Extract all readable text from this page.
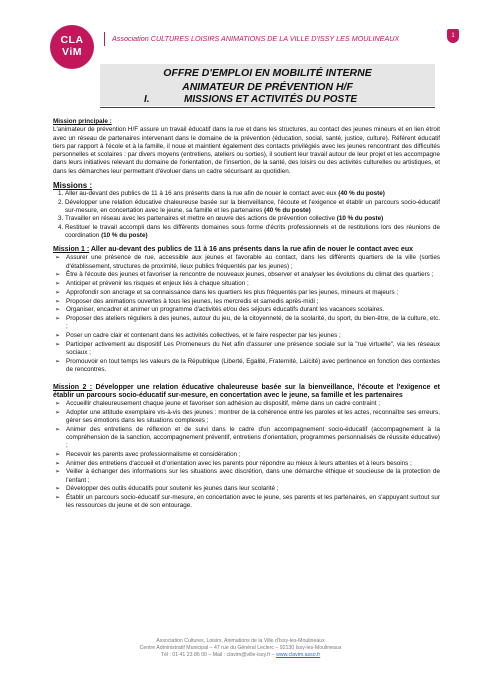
CLA
ViM
Association CULTURES LOISIRS ANIMATIONS DE LA VILLE D'ISSY LES MOULINEAUX	1
OFFRE D'EMPLOI EN MOBILITÉ INTERNE
ANIMATEUR DE PRÉVENTION H/F
I.	MISSIONS ET ACTIVITÉS DU POSTE

Mission principale :

L'animateur de prévention H/F assure un travail éducatif dans la rue et dans les structures, au contact des jeunes mineurs et en lien étroit avec un réseau de partenaires intervenant dans le domaine de la prévention (éducation, social, santé, justice, culture). Référent éducatif tiers par rapport à l'école et à la famille, il noue et maintient également des contacts privilégiés avec les jeunes rencontrant des difficultés personnelles et scolaires : par divers moyens (entretiens, ateliers ou sorties), il soutient leur travail autour de leur projet et les accompagne dans leurs initiatives relevant du domaine de l'orientation, de l'insertion, de la santé, des loisirs ou des activités culturelles ou artistiques, et dans les démarches leur permettant d'évoluer dans un cadre sécurisant au quotidien.

Missions :

1. Aller au-devant des publics de 11 à 16 ans présents dans la rue afin de nouer le contact avec eux (40 % du poste)
2. Développer une relation éducative chaleureuse basée sur la bienveillance, l'écoute et l'exigence et établir un parcours socio-éducatif sur-mesure, en concertation avec le jeune, sa famille et les partenaires (40 % du poste)
3. Travailler en réseau avec les partenaires et mettre en œuvre des actions de prévention collective (10 % du poste)
4. Restituer le travail accompli dans les différents domaines sous forme d'écrits professionnels et de restitutions lors des réunions de coordination (10 % du poste)

Mission 1 : Aller au-devant des publics de 11 à 16 ans présents dans la rue afin de nouer le contact avec eux

➢ Assurer une présence de rue, accessible aux jeunes et favorable au contact, dans les différents quartiers de la ville (sorties d'établissement, structures de proximité, lieux publics fréquentés par les jeunes) ;
➢ Être à l'écoute des jeunes et favoriser la rencontre de nouveaux jeunes, observer et analyser les évolutions du climat des quartiers ;
➢ Anticiper et prévenir les risques et enjeux liés à chaque situation ;
➢ Approfondir son ancrage et sa connaissance dans les quartiers les plus fréquentés par les jeunes, mineurs et majeurs ;
➢ Proposer des animations ouvertes à tous les jeunes, les mercredis et samedis après-midi ;
➢ Organiser, encadrer et animer un programme d'activités et/ou des séjours éducatifs durant les vacances scolaires.
➢ Proposer des ateliers réguliers à des jeunes, autour du jeu, de la citoyenneté, de la scolarité, du sport, du bien-être, de la culture, etc. ;
➢ Poser un cadre clair et contenant dans les activités collectives, et le faire respecter par les jeunes ;
➢ Participer activement au dispositif Les Promeneurs du Net afin d'assurer une présence sociale sur la "rue virtuelle", via les réseaux sociaux ;
➢ Promouvoir en tout temps les valeurs de la République (Liberté, Egalité, Fraternité, Laïcité) avec pertinence en fonction des contextes de rencontres.

Mission 2 : Développer une relation éducative chaleureuse basée sur la bienveillance, l'écoute et l'exigence et établir un parcours socio-éducatif sur-mesure, en concertation avec le jeune, sa famille et les partenaires

➢ Accueillir chaleureusement chaque jeune et favoriser son adhésion au dispositif, même dans un cadre contraint ;
➢ Adopter une attitude exemplaire vis-à-vis des jeunes : montrer de la cohérence entre les paroles et les actes, reconnaître ses erreurs, gérer ses émotions dans les situations complexes ;
➢ Animer des entretiens de réflexion et de suivi dans le cadre d'un accompagnement socio-éducatif (accompagnement à la compréhension de la sanction, accompagnement préventif, entretiens d'orientation, programmes personnalisés de réussite éducative) ;
➢ Recevoir les parents avec professionnalisme et considération ;
➢ Animer des entretiens d'accueil et d'orientation avec les parents pour répondre au mieux à leurs attentes et à leurs besoins ;
➢ Veiller à échanger des informations sur les situations avec discrétion, dans une démarche éthique et soucieuse de la protection de l'enfant ;
➢ Développer des outils éducatifs pour soutenir les jeunes dans leur scolarité ;
➢ Établir un parcours socio-éducatif sur-mesure, en concertation avec le jeune, ses parents et les partenaires, en s'appuyant surtout sur les ressources du jeune et de son entourage.
Association Cultures, Loisirs, Animations de la Ville d'Issy-les-Moulineaux
Centre Administratif Municipal – 47 rue du Général Leclerc – 92130 Issy-les-Moulineaux
Tél : 01 41 23 86 00 – Mail : clavim@ville-issy.fr – www.clavim.asso.fr
